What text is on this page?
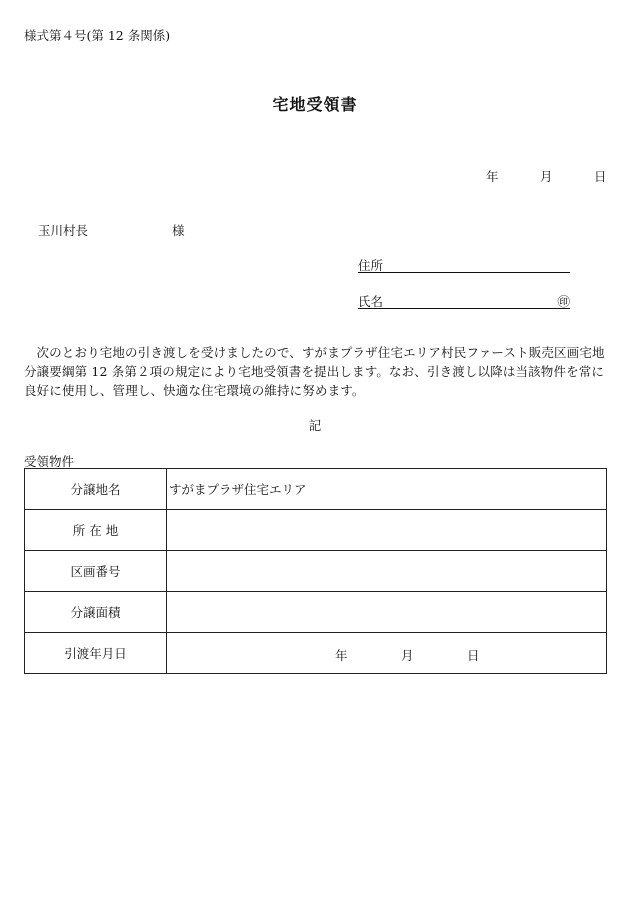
様式第４号(第 12 条関係)
宅地受領書
年	月	日
玉川村長	様
住所
氏名	㊞
次のとおり宅地の引き渡しを受けましたので、すがまプラザ住宅エリア村民ファースト販売区画宅地分譲要綱第 12 条第２項の規定により宅地受領書を提出します。なお、引き渡し以降は当該物件を常に良好に使用し、管理し、快適な住宅環境の維持に努めます。
記
受領物件
分譲地名	すがまプラザ住宅エリア
所 在 地	
区画番号	
分譲面積	
引渡年月日	年 月 日
